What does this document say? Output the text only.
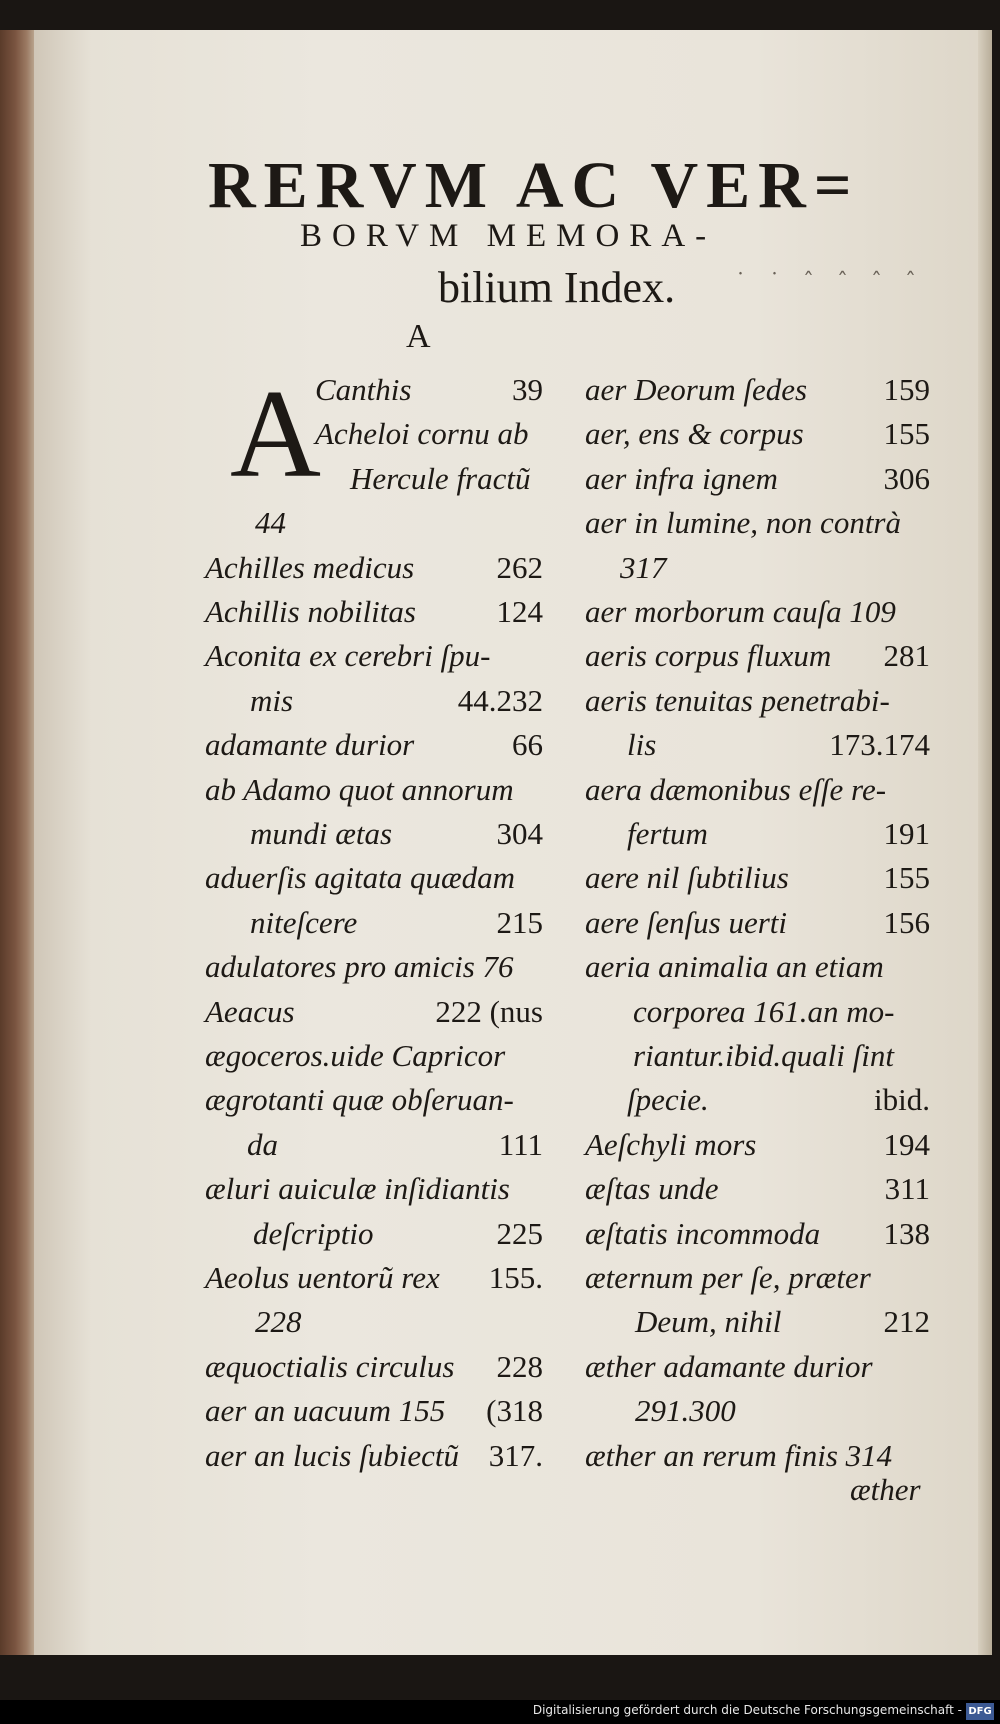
RERVM AC VER=
BORVM MEMORA-
bilium Index.	˙ ˙ ˆ ˆ ˆ ˆ
A
A
Canthis	39
Acheloi cornu ab
Hercule fractũ
44
Achilles medicus	262
Achillis nobilitas	124
Aconita ex cerebri ſpu-
mis	44.232
adamante durior	66
ab Adamo quot annorum
mundi ætas	304
aduerſis agitata quædam
niteſcere	215
adulatores pro amicis 76
Aeacus	222 (nus
ægoceros.uide Capricor
ægrotanti quæ obſeruan-
da	111
æluri auiculæ inſidiantis
deſcriptio	225
Aeolus uentorũ rex 155.
228
æquoctialis circulus 228
aer an uacuum 155 (318
aer an lucis ſubiectũ 317.
aer Deorum ſedes 159
aer, ens & corpus	155
aer infra ignem	306
aer in lumine, non contrà
317
aer morborum cauſa 109
aeris corpus fluxum 281
aeris tenuitas penetrabi-
lis	173.174
aera dæmonibus eſſe re-
fertum	191
aere nil ſubtilius	155
aere ſenſus uerti	156
aeria animalia an etiam
corporea 161.an mo-
riantur.ibid.quali ſint
ſpecie.	ibid.
Aeſchyli mors	194
æſtas unde	311
æſtatis incommoda 138
æternum per ſe, præter
Deum, nihil	212
æther adamante durior
291.300
æther an rerum finis 314
æther
Digitalisierung gefördert durch die Deutsche Forschungsgemeinschaft - DFG
